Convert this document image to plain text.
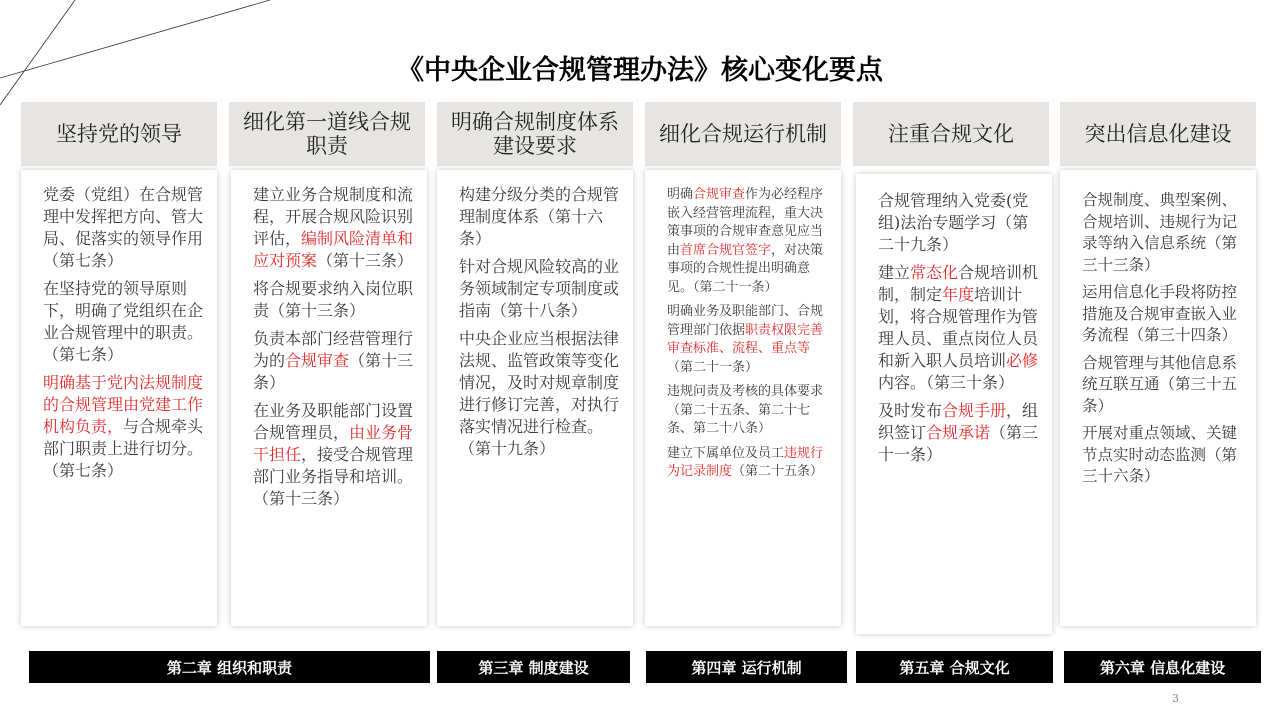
《中央企业合规管理办法》核心变化要点
坚持党的领导	细化第一道线合规职责
明确合规制度体系建设要求	细化合规运行机制	注重合规文化	突出信息化建设

党委（党组）在合规管理中发挥把方向、管大局、促落实的领导作用（第七条）

在坚持党的领导原则下，明确了党组织在企业合规管理中的职责。（第七条）

明确基于党内法规制度的合规管理由党建工作机构负责，与合规牵头部门职责上进行切分。（第七条）

建立业务合规制度和流程，开展合规风险识别评估，编制风险清单和应对预案（第十三条）

将合规要求纳入岗位职责（第十三条）

负责本部门经营管理行为的合规审查（第十三条）

在业务及职能部门设置合规管理员，由业务骨干担任，接受合规管理部门业务指导和培训。（第十三条）

构建分级分类的合规管理制度体系（第十六条）

针对合规风险较高的业务领域制定专项制度或指南（第十八条）

中央企业应当根据法律法规、监管政策等变化情况，及时对规章制度进行修订完善，对执行落实情况进行检查。（第十九条）

明确合规审查作为必经程序嵌入经营管理流程，重大决策事项的合规审查意见应当由首席合规官签字，对决策事项的合规性提出明确意见。（第二十一条）

明确业务及职能部门、合规管理部门依据职责权限完善审查标准、流程、重点等（第二十一条）

违规问责及考核的具体要求（第二十五条、第二十七条、第二十八条）

建立下属单位及员工违规行为记录制度（第二十五条）

合规管理纳入党委(党组)法治专题学习（第二十九条）

建立常态化合规培训机制，制定年度培训计划，将合规管理作为管理人员、重点岗位人员和新入职人员培训必修内容。（第三十条）

及时发布合规手册，组织签订合规承诺（第三十一条）

合规制度、典型案例、合规培训、违规行为记录等纳入信息系统（第三十三条）

运用信息化手段将防控措施及合规审查嵌入业务流程（第三十四条）

合规管理与其他信息系统互联互通（第三十五条）

开展对重点领域、关键节点实时动态监测（第三十六条）

第二章 组织和职责	第三章 制度建设	第四章 运行机制	第五章 合规文化	第六章 信息化建设
3
